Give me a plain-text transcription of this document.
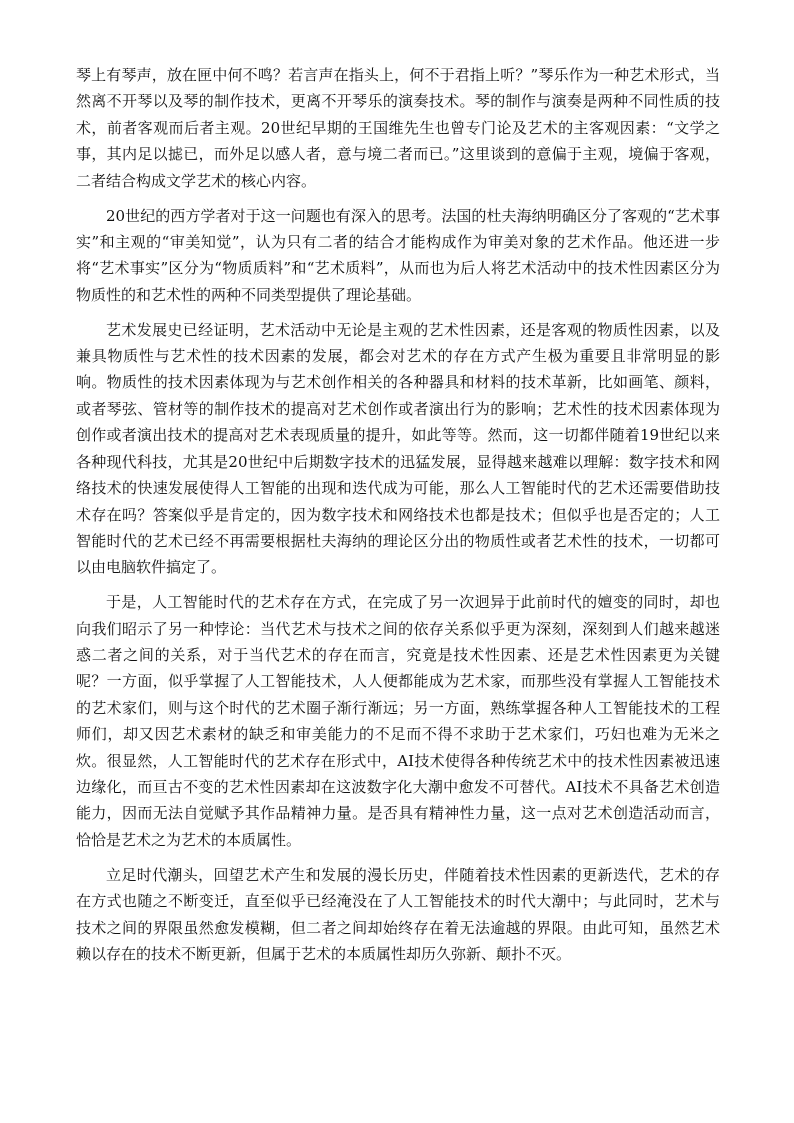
琴上有琴声，放在匣中何不鸣？若言声在指头上，何不于君指上听？”琴乐作为一种艺术形式，当然离不开琴以及琴的制作技术，更离不开琴乐的演奏技术。琴的制作与演奏是两种不同性质的技术，前者客观而后者主观。20世纪早期的王国维先生也曾专门论及艺术的主客观因素：“文学之事，其内足以摅已，而外足以感人者，意与境二者而已。”这里谈到的意偏于主观，境偏于客观，二者结合构成文学艺术的核心内容。

20世纪的西方学者对于这一问题也有深入的思考。法国的杜夫海纳明确区分了客观的“艺术事实”和主观的“审美知觉”，认为只有二者的结合才能构成作为审美对象的艺术作品。他还进一步将“艺术事实”区分为“物质质料”和“艺术质料”，从而也为后人将艺术活动中的技术性因素区分为物质性的和艺术性的两种不同类型提供了理论基础。

艺术发展史已经证明，艺术活动中无论是主观的艺术性因素，还是客观的物质性因素，以及兼具物质性与艺术性的技术因素的发展，都会对艺术的存在方式产生极为重要且非常明显的影响。物质性的技术因素体现为与艺术创作相关的各种器具和材料的技术革新，比如画笔、颜料，或者琴弦、管材等的制作技术的提高对艺术创作或者演出行为的影响；艺术性的技术因素体现为创作或者演出技术的提高对艺术表现质量的提升，如此等等。然而，这一切都伴随着19世纪以来各种现代科技，尤其是20世纪中后期数字技术的迅猛发展，显得越来越难以理解：数字技术和网络技术的快速发展使得人工智能的出现和迭代成为可能，那么人工智能时代的艺术还需要借助技术存在吗？答案似乎是肯定的，因为数字技术和网络技术也都是技术；但似乎也是否定的；人工智能时代的艺术已经不再需要根据杜夫海纳的理论区分出的物质性或者艺术性的技术，一切都可以由电脑软件搞定了。

于是，人工智能时代的艺术存在方式，在完成了另一次迥异于此前时代的嬗变的同时，却也向我们昭示了另一种悖论：当代艺术与技术之间的依存关系似乎更为深刻，深刻到人们越来越迷惑二者之间的关系，对于当代艺术的存在而言，究竟是技术性因素、还是艺术性因素更为关键呢？一方面，似乎掌握了人工智能技术，人人便都能成为艺术家，而那些没有掌握人工智能技术的艺术家们，则与这个时代的艺术圈子渐行渐远；另一方面，熟练掌握各种人工智能技术的工程师们，却又因艺术素材的缺乏和审美能力的不足而不得不求助于艺术家们，巧妇也难为无米之炊。很显然，人工智能时代的艺术存在形式中，AI技术使得各种传统艺术中的技术性因素被迅速边缘化，而亘古不变的艺术性因素却在这波数字化大潮中愈发不可替代。AI技术不具备艺术创造能力，因而无法自觉赋予其作品精神力量。是否具有精神性力量，这一点对艺术创造活动而言，恰恰是艺术之为艺术的本质属性。

立足时代潮头，回望艺术产生和发展的漫长历史，伴随着技术性因素的更新迭代，艺术的存在方式也随之不断变迁，直至似乎已经淹没在了人工智能技术的时代大潮中；与此同时，艺术与技术之间的界限虽然愈发模糊，但二者之间却始终存在着无法逾越的界限。由此可知，虽然艺术赖以存在的技术不断更新，但属于艺术的本质属性却历久弥新、颠扑不灭。
